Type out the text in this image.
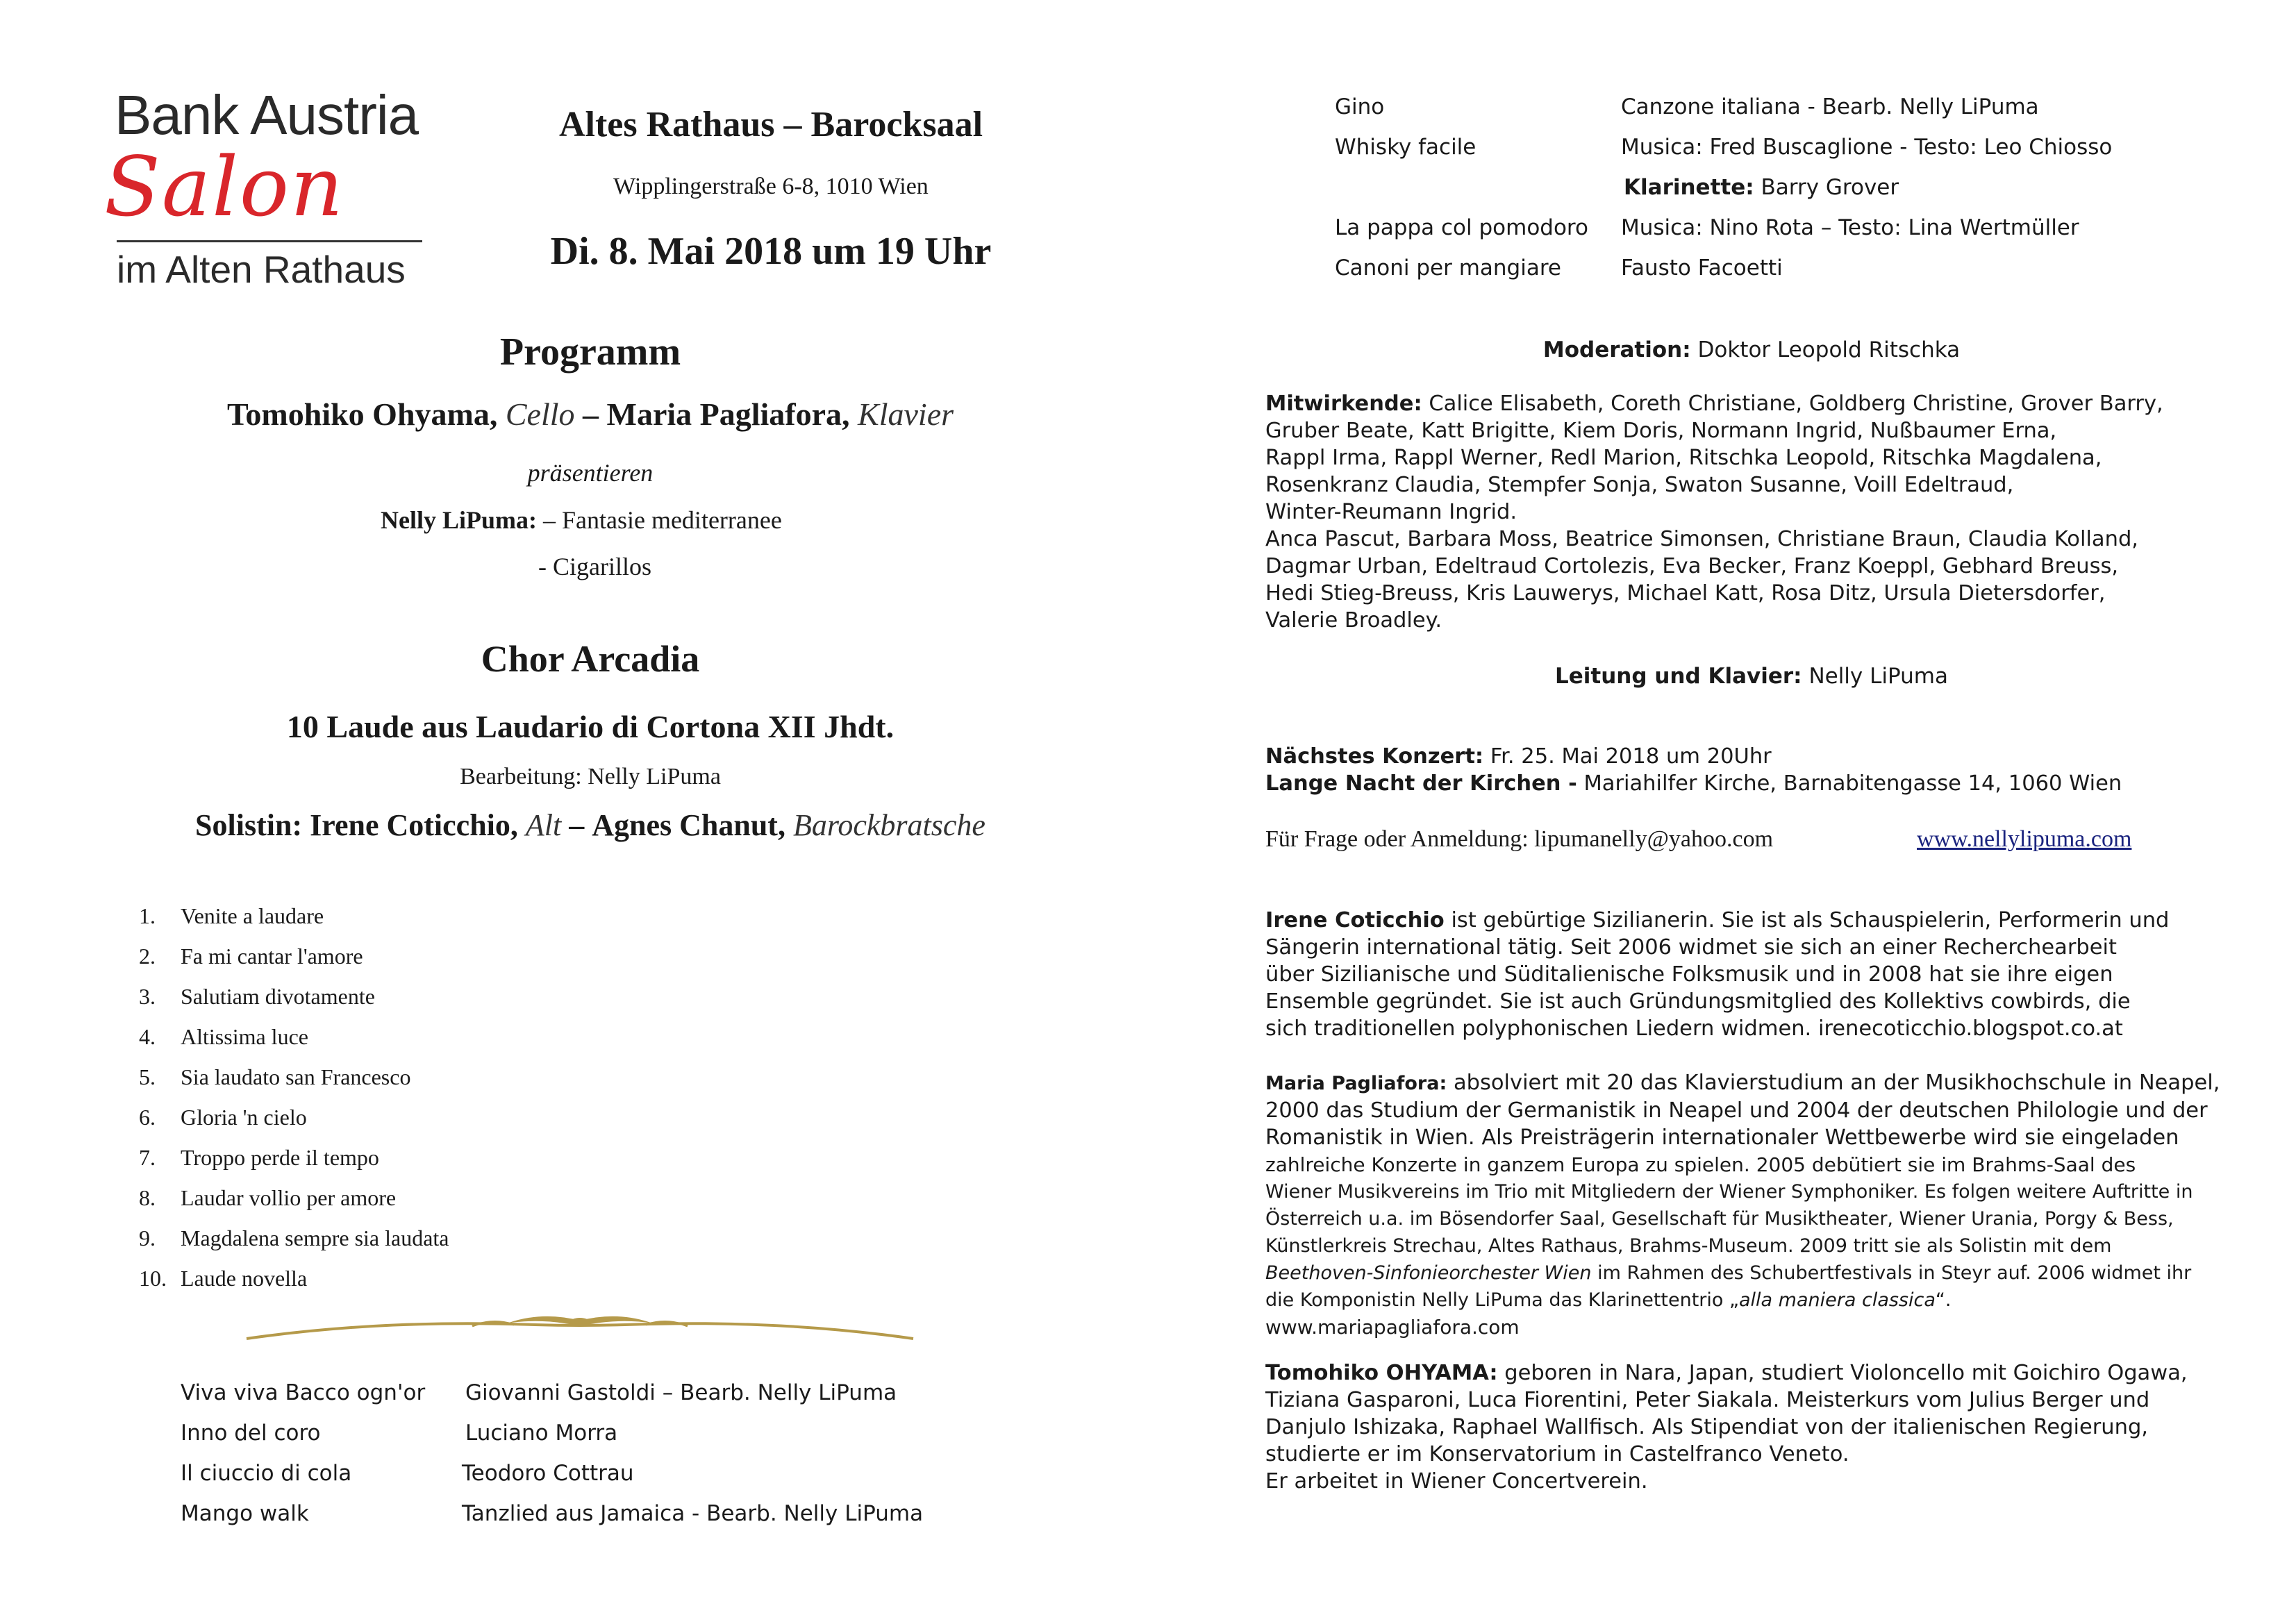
Bank Austria
Salon
im Alten Rathaus
Altes Rathaus – Barocksaal
Wipplingerstraße 6-8, 1010 Wien
Di. 8. Mai 2018 um 19 Uhr
Programm
Tomohiko Ohyama, Cello – Maria Pagliafora, Klavier
präsentieren
Nelly LiPuma: – Fantasie mediterranee
- Cigarillos
Chor Arcadia
10 Laude aus Laudario di Cortona XII Jhdt.
Bearbeitung: Nelly LiPuma
Solistin: Irene Coticchio, Alt – Agnes Chanut, Barockbratsche
1. Venite a laudare
2. Fa mi cantar l'amore
3. Salutiam divotamente
4. Altissima luce
5. Sia laudato san Francesco
6. Gloria 'n cielo
7. Troppo perde il tempo
8. Laudar vollio per amore
9. Magdalena sempre sia laudata
10. Laude novella
Viva viva Bacco ogn'or Giovanni Gastoldi – Bearb. Nelly LiPuma
Inno del coro	Luciano Morra
Il ciuccio di cola	Teodoro Cottrau
Mango walk	Tanzlied aus Jamaica - Bearb. Nelly LiPuma
Gino	Canzone italiana - Bearb. Nelly LiPuma
Whisky facile	Musica: Fred Buscaglione - Testo: Leo Chiosso
Klarinette: Barry Grover
La pappa col pomodoro Musica: Nino Rota – Testo: Lina Wertmüller
Canoni per mangiare	Fausto Facoetti
Moderation: Doktor Leopold Ritschka
Mitwirkende: Calice Elisabeth, Coreth Christiane, Goldberg Christine, Grover Barry,
Gruber Beate, Katt Brigitte, Kiem Doris, Normann Ingrid, Nußbaumer Erna,
Rappl Irma, Rappl Werner, Redl Marion, Ritschka Leopold, Ritschka Magdalena,
Rosenkranz Claudia, Stempfer Sonja, Swaton Susanne, Voill Edeltraud,
Winter-Reumann Ingrid.
Anca Pascut, Barbara Moss, Beatrice Simonsen, Christiane Braun, Claudia Kolland,
Dagmar Urban, Edeltraud Cortolezis, Eva Becker, Franz Koeppl, Gebhard Breuss,
Hedi Stieg-Breuss, Kris Lauwerys, Michael Katt, Rosa Ditz, Ursula Dietersdorfer,
Valerie Broadley.
Leitung und Klavier: Nelly LiPuma
Nächstes Konzert: Fr. 25. Mai 2018 um 20Uhr
Lange Nacht der Kirchen - Mariahilfer Kirche, Barnabitengasse 14, 1060 Wien
Für Frage oder Anmeldung: lipumanelly@yahoo.com	www.nellylipuma.com
Irene Coticchio ist gebürtige Sizilianerin. Sie ist als Schauspielerin, Performerin und
Sängerin international tätig. Seit 2006 widmet sie sich an einer Recherchearbeit
über Sizilianische und Süditalienische Folksmusik und in 2008 hat sie ihre eigen
Ensemble gegründet. Sie ist auch Gründungsmitglied des Kollektivs cowbirds, die
sich traditionellen polyphonischen Liedern widmen. irenecoticchio.blogspot.co.at
Maria Pagliafora: absolviert mit 20 das Klavierstudium an der Musikhochschule in Neapel,
2000 das Studium der Germanistik in Neapel und 2004 der deutschen Philologie und der
Romanistik in Wien. Als Preisträgerin internationaler Wettbewerbe wird sie eingeladen
zahlreiche Konzerte in ganzem Europa zu spielen. 2005 debütiert sie im Brahms-Saal des
Wiener Musikvereins im Trio mit Mitgliedern der Wiener Symphoniker. Es folgen weitere Auftritte in
Österreich u.a. im Bösendorfer Saal, Gesellschaft für Musiktheater, Wiener Urania, Porgy & Bess,
Künstlerkreis Strechau, Altes Rathaus, Brahms-Museum. 2009 tritt sie als Solistin mit dem
Beethoven-Sinfonieorchester Wien im Rahmen des Schubertfestivals in Steyr auf. 2006 widmet ihr
die Komponistin Nelly LiPuma das Klarinettentrio „alla maniera classica“.
www.mariapagliafora.com
Tomohiko OHYAMA: geboren in Nara, Japan, studiert Violoncello mit Goichiro Ogawa,
Tiziana Gasparoni, Luca Fiorentini, Peter Siakala. Meisterkurs vom Julius Berger und
Danjulo Ishizaka, Raphael Wallfisch. Als Stipendiat von der italienischen Regierung,
studierte er im Konservatorium in Castelfranco Veneto.
Er arbeitet in Wiener Concertverein.
